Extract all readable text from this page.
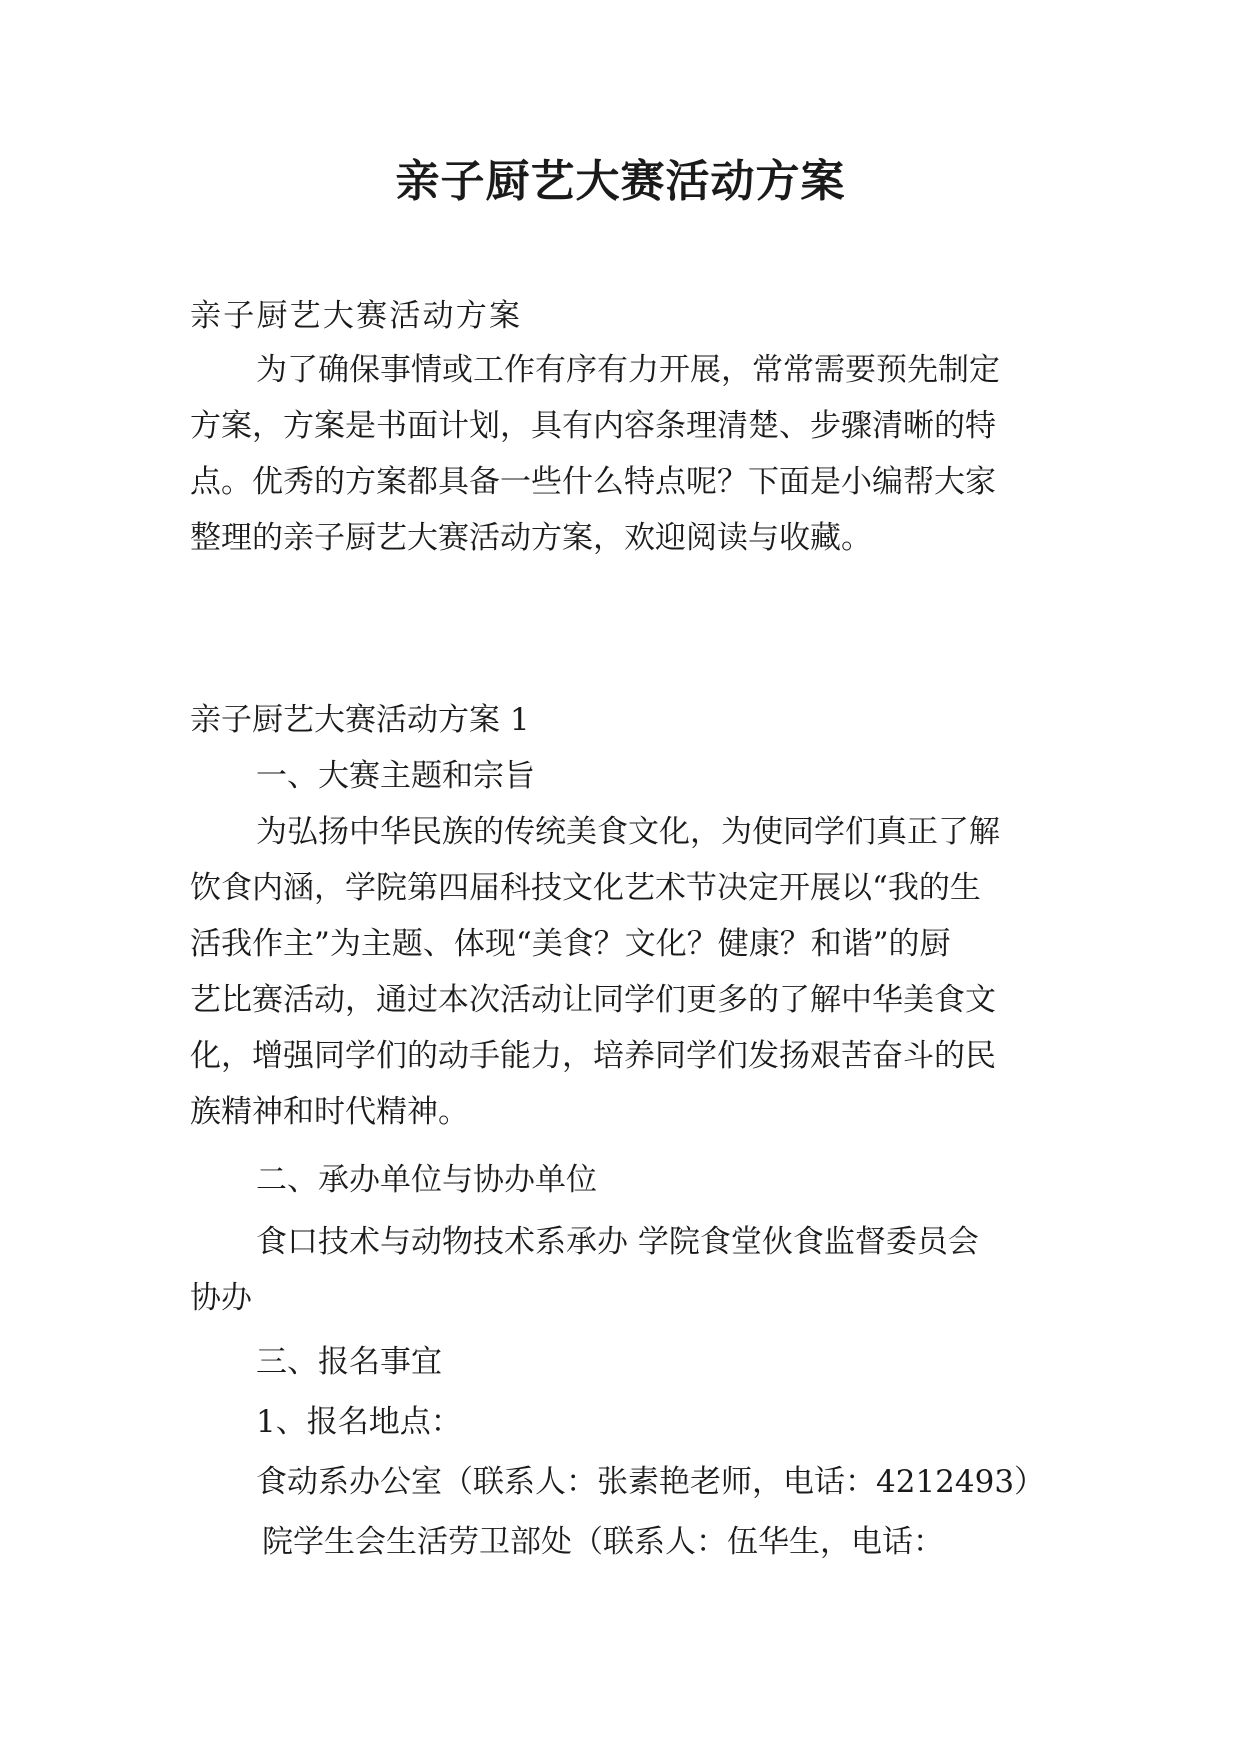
亲子厨艺大赛活动方案
亲子厨艺大赛活动方案
为了确保事情或工作有序有力开展，常常需要预先制定
方案，方案是书面计划，具有内容条理清楚、步骤清晰的特
点。优秀的方案都具备一些什么特点呢？下面是小编帮大家
整理的亲子厨艺大赛活动方案，欢迎阅读与收藏。
亲子厨艺大赛活动方案 1
一、大赛主题和宗旨
为弘扬中华民族的传统美食文化，为使同学们真正了解
饮食内涵，学院第四届科技文化艺术节决定开展以“我的生
活我作主”为主题、体现“美食？文化？健康？和谐”的厨
艺比赛活动，通过本次活动让同学们更多的了解中华美食文
化，增强同学们的动手能力，培养同学们发扬艰苦奋斗的民
族精神和时代精神。
二、承办单位与协办单位
食口技术与动物技术系承办 学院食堂伙食监督委员会
协办
三、报名事宜
1、报名地点：
食动系办公室（联系人：张素艳老师，电话：4212493）
院学生会生活劳卫部处（联系人：伍华生，电话：
